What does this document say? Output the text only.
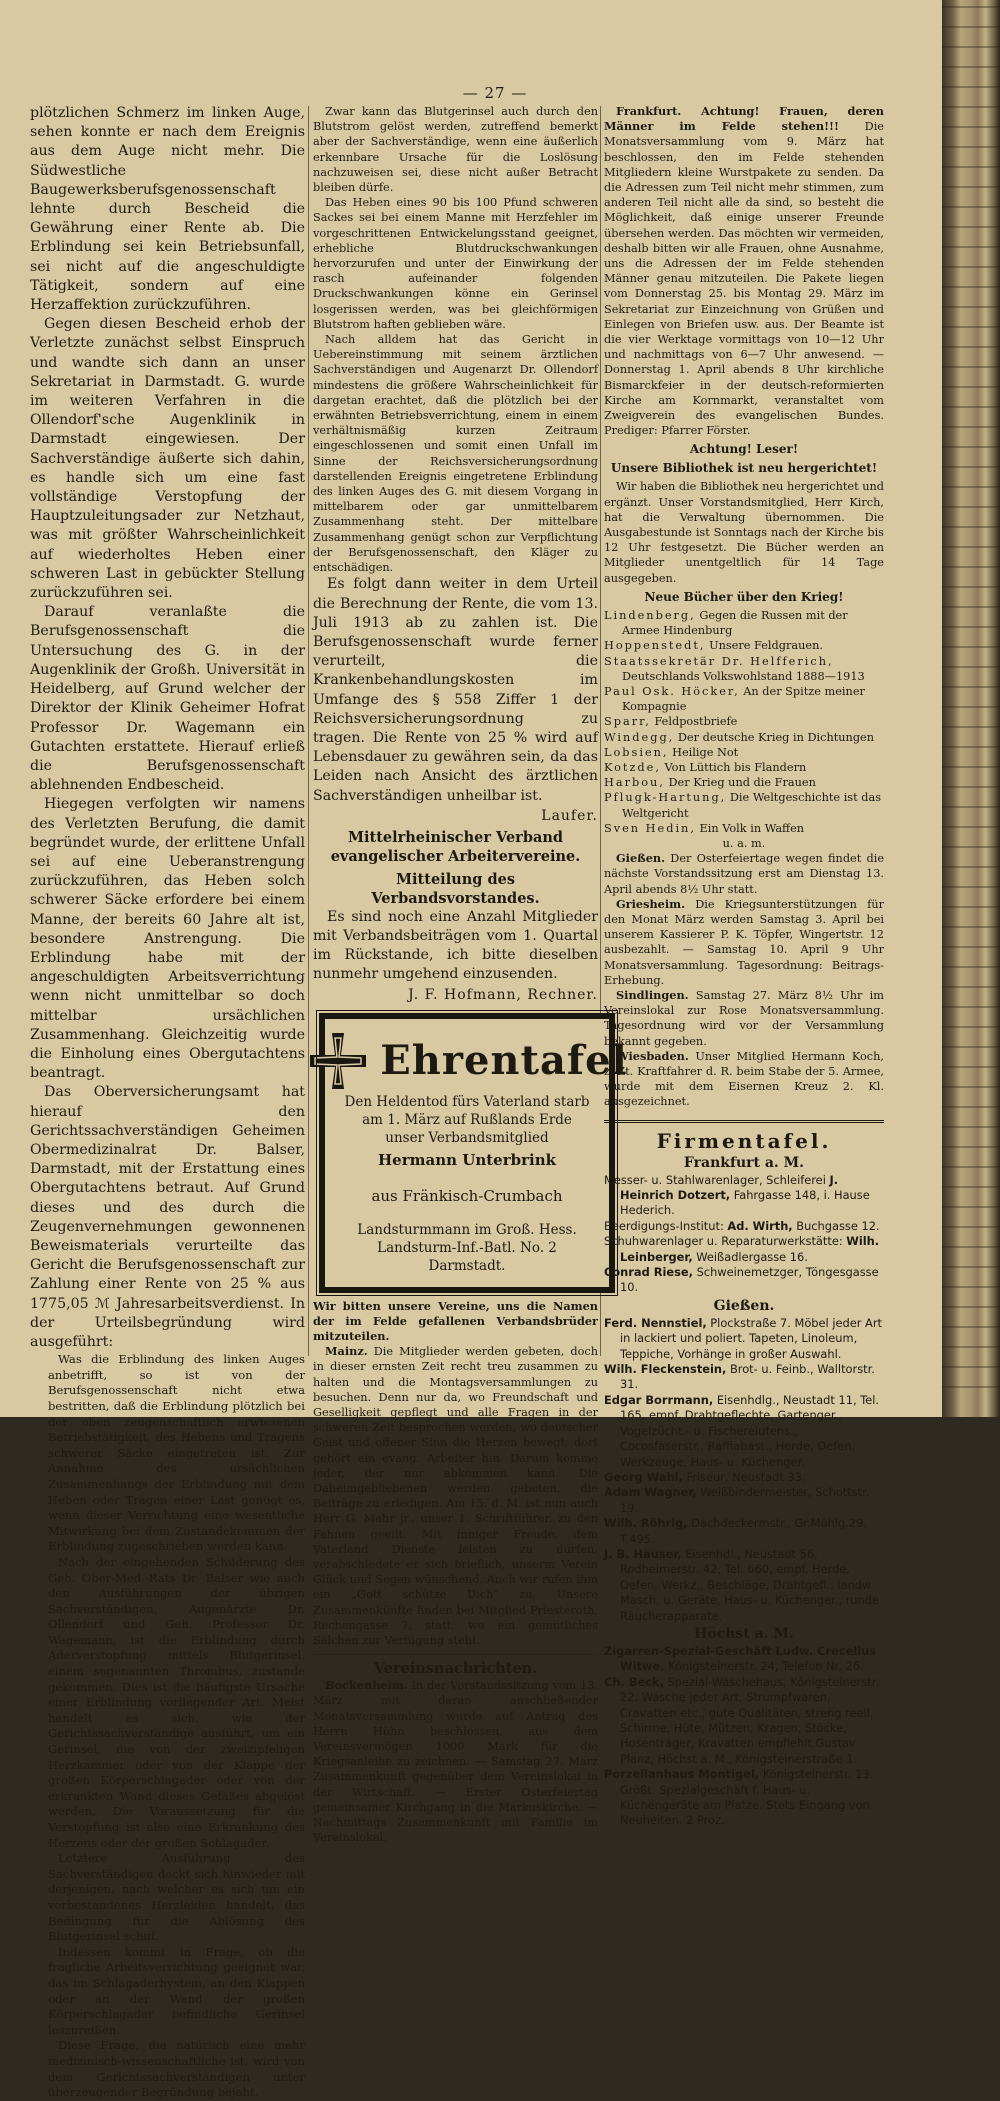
— 27 —

plötzlichen Schmerz im linken Auge, sehen konnte er nach dem Ereignis aus dem Auge nicht mehr. Die Südwestliche Baugewerksberufsgenossenschaft lehnte durch Bescheid die Gewährung einer Rente ab. Die Erblindung sei kein Betriebsunfall, sei nicht auf die angeschuldigte Tätigkeit, sondern auf eine Herzaffektion zurückzuführen.

Gegen diesen Bescheid erhob der Verletzte zunächst selbst Einspruch und wandte sich dann an unser Sekretariat in Darmstadt. G. wurde im weiteren Verfahren in die Ollendorf'sche Augenklinik in Darmstadt eingewiesen. Der Sachverständige äußerte sich dahin, es handle sich um eine fast vollständige Verstopfung der Hauptzuleitungsader zur Netzhaut, was mit größter Wahrscheinlichkeit auf wiederholtes Heben einer schweren Last in gebückter Stellung zurückzuführen sei.

Darauf veranlaßte die Berufsgenossenschaft die Untersuchung des G. in der Augenklinik der Großh. Universität in Heidelberg, auf Grund welcher der Direktor der Klinik Geheimer Hofrat Professor Dr. Wagemann ein Gutachten erstattete. Hierauf erließ die Berufsgenossenschaft ablehnenden Endbescheid.

Hiegegen verfolgten wir namens des Verletzten Berufung, die damit begründet wurde, der erlittene Unfall sei auf eine Ueberanstrengung zurückzuführen, das Heben solch schwerer Säcke erfordere bei einem Manne, der bereits 60 Jahre alt ist, besondere Anstrengung. Die Erblindung habe mit der angeschuldigten Arbeitsverrichtung wenn nicht unmittelbar so doch mittelbar ursächlichen Zusammenhang. Gleichzeitig wurde die Einholung eines Obergutachtens beantragt.

Das Oberversicherungsamt hat hierauf den Gerichtssachverständigen Geheimen Obermedizinalrat Dr. Balser, Darmstadt, mit der Erstattung eines Obergutachtens betraut. Auf Grund dieses und des durch die Zeugenvernehmungen gewonnenen Beweismaterials verurteilte das Gericht die Berufsgenossenschaft zur Zahlung einer Rente von 25 % aus 1775,05 ℳ Jahresarbeitsverdienst. In der Urteilsbegründung wird ausgeführt:

Was die Erblindung des linken Auges anbetrifft, so ist von der Berufsgenossenschaft nicht etwa bestritten, daß die Erblindung plötzlich bei der oben zeugenschaftlich erwiesenen Betriebstätigkeit, des Hebens und Tragens schwerer Säcke eingetreten ist. Zur Annahme des ursächlichen Zusammenhangs der Erblindung mit dem Heben oder Tragen einer Last genügt es, wenn dieser Verrichtung eine wesentliche Mitwirkung bei dem Zustandekommen der Erblindung zugeschrieben werden kann.

Nach der eingehenden Schilderung des Geh. Ober-Med.-Rats Dr. Balser wie auch den Ausführungen der übrigen Sachverständigen, Augenärzte Dr. Ollendorf und Geh. Professor Dr. Wagemann, ist die Erblindung durch Aderverstopfung mittels Blutgerinsel, einem sogenannten Thrombus, zustande gekommen. Dies ist die häufigste Ursache einer Erblindung vorliegender Art. Meist handelt es sich, wie der Gerichtssachverständige ausführt, um ein Gerinsel, die von der zweizipfeligen Herzkammer oder von der Klappe der großen Körperschlagader oder von der erkrankten Wand dieses Gefäßes abgelöst werden. Die Voraussetzung für die Verstopfung ist also eine Erkrankung des Herzens oder der großen Schlagader.

Letztere Ausführung des Sachverständigen deckt sich hinwieder mit derjenigen, nach welcher es sich um ein vorbestandenes Herzleiden handelt, das Bedingung für die Ablösung des Blutgerinsel schuf.

Indessen kommt in Frage, ob die fragliche Arbeitsverrichtung geeignet war, das im Schlagaderhystem, an den Klappen oder an der Wand der großen Körperschlagader befindliche Gerinsel loszureißen.

Diese Frage, die natürlich eine mehr medizinisch-wissenschaftliche ist, wird von dem Gerichtssachverständigen unter überzeugender Begründung bejaht.

Zwar kann das Blutgerinsel auch durch den Blutstrom gelöst werden, zutreffend bemerkt aber der Sachverständige, wenn eine äußerlich erkennbare Ursache für die Loslösung nachzuweisen sei, diese nicht außer Betracht bleiben dürfe.

Das Heben eines 90 bis 100 Pfund schweren Sackes sei bei einem Manne mit Herzfehler im vorgeschrittenen Entwickelungsstand geeignet, erhebliche Blutdruckschwankungen hervorzurufen und unter der Einwirkung der rasch aufeinander folgenden Druckschwankungen könne ein Gerinsel losgerissen werden, was bei gleichförmigen Blutstrom haften geblieben wäre.

Nach alldem hat das Gericht in Uebereinstimmung mit seinem ärztlichen Sachverständigen und Augenarzt Dr. Ollendorf mindestens die größere Wahrscheinlichkeit für dargetan erachtet, daß die plötzlich bei der erwähnten Betriebsverrichtung, einem in einem verhältnismäßig kurzen Zeitraum eingeschlossenen und somit einen Unfall im Sinne der Reichsversicherungsordnung darstellenden Ereignis eingetretene Erblindung des linken Auges des G. mit diesem Vorgang in mittelbarem oder gar unmittelbarem Zusammenhang steht. Der mittelbare Zusammenhang genügt schon zur Verpflichtung der Berufsgenossenschaft, den Kläger zu entschädigen.

Es folgt dann weiter in dem Urteil die Berechnung der Rente, die vom 13. Juli 1913 ab zu zahlen ist. Die Berufsgenossenschaft wurde ferner verurteilt, die Krankenbehandlungskosten im Umfange des § 558 Ziffer 1 der Reichsversicherungsordnung zu tragen. Die Rente von 25 % wird auf Lebensdauer zu gewähren sein, da das Leiden nach Ansicht des ärztlichen Sachverständigen unheilbar ist.

Laufer.
Mittelrheinischer Verband evangelischer Arbeitervereine.
Mitteilung des Verbandsvorstandes.

Es sind noch eine Anzahl Mitglieder mit Verbandsbeiträgen vom 1. Quartal im Rückstande, ich bitte dieselben nunmehr umgehend einzusenden.

J. F. Hofmann, Rechner.
Ehrentafel

Den Heldentod fürs Vaterland starb

am 1. März auf Rußlands Erde

unser Verbandsmitglied

Hermann Unterbrink

aus Fränkisch-Crumbach

Landsturmmann im Groß. Hess.

Landsturm-Inf.-Batl. No. 2

Darmstadt.

Wir bitten unsere Vereine, uns die Namen der im Felde gefallenen Verbandsbrüder mitzuteilen.

Mainz. Die Mitglieder werden gebeten, doch in dieser ernsten Zeit recht treu zusammen zu halten und die Montagsversammlungen zu besuchen. Denn nur da, wo Freundschaft und Geselligkeit gepflegt und alle Fragen in der schweren Zeit besprochen werden, wo deutscher Geist und offener Sinn die Herzen bewegt, dort gehört ein evang. Arbeiter hin. Darum komme jeder, der nur abkommen kann. Die Daheimgebliebenen werden gebeten, die Beiträge zu erledigen. Am 15. d. M. ist nun auch Herr G. Mahr jr., unser 1. Schriftführer, zu den Fahnen geeilt. Mit inniger Freude, dem Vaterland Dienste leisten zu dürfen, verabschiedete er sich brieflich, unserm Verein Glück und Segen wünschend. Auch wir rufen ihm ein „Gott schütze Dich" zu. Unsere Zusammenkünfte finden bei Mitglied Priesteroth, Rechengasse 7, statt, wo ein gemütliches Sälchen zur Verfügung steht.

Vereinsnachrichten.

Bockenheim. In der Vorstandssitzung vom 13. März mit daran anschließender Monatsversammlung wurde auf Antrag des Herrn Hühn beschlossen, aus dem Vereinsvermögen 1000 Mark für die Kriegsanleihe zu zeichnen. — Samstag 27. März Zusammenkunft gegenüber dem Vereinslokal in der Wirtschaft. — Erster Osterfeiertag gemeinsamer Kirchgang in die Markuskirche. — Nachmittags Zusammenkunft mit Familie im Vereinslokal.

Frankfurt. Achtung! Frauen, deren Männer im Felde stehen!!! Die Monatsversammlung vom 9. März hat beschlossen, den im Felde stehenden Mitgliedern kleine Wurstpakete zu senden. Da die Adressen zum Teil nicht mehr stimmen, zum anderen Teil nicht alle da sind, so besteht die Möglichkeit, daß einige unserer Freunde übersehen werden. Das möchten wir vermeiden, deshalb bitten wir alle Frauen, ohne Ausnahme, uns die Adressen der im Felde stehenden Männer genau mitzuteilen. Die Pakete liegen vom Donnerstag 25. bis Montag 29. März im Sekretariat zur Einzeichnung von Grüßen und Einlegen von Briefen usw. aus. Der Beamte ist die vier Werktage vormittags von 10—12 Uhr und nachmittags von 6—7 Uhr anwesend. — Donnerstag 1. April abends 8 Uhr kirchliche Bismarckfeier in der deutsch-reformierten Kirche am Kornmarkt, veranstaltet vom Zweigverein des evangelischen Bundes. Prediger: Pfarrer Förster.

Achtung! Leser!
Unsere Bibliothek ist neu hergerichtet!

Wir haben die Bibliothek neu hergerichtet und ergänzt. Unser Vorstandsmitglied, Herr Kirch, hat die Verwaltung übernommen. Die Ausgabestunde ist Sonntags nach der Kirche bis 12 Uhr festgesetzt. Die Bücher werden an Mitglieder unentgeltlich für 14 Tage ausgegeben.

Neue Bücher über den Krieg!

Lindenberg, Gegen die Russen mit der Armee Hindenburg

Hoppenstedt, Unsere Feldgrauen.

Staatssekretär Dr. Helfferich, Deutschlands Volkswohlstand 1888—1913

Paul Osk. Höcker, An der Spitze meiner Kompagnie

Sparr, Feldpostbriefe

Windegg, Der deutsche Krieg in Dichtungen

Lobsien, Heilige Not

Kotzde, Von Lüttich bis Flandern

Harbou, Der Krieg und die Frauen

Pflugk-Hartung, Die Weltgeschichte ist das Weltgericht

Sven Hedin, Ein Volk in Waffen

u. a. m.

Gießen. Der Osterfeiertage wegen findet die nächste Vorstandssitzung erst am Dienstag 13. April abends 8½ Uhr statt.

Griesheim. Die Kriegsunterstützungen für den Monat März werden Samstag 3. April bei unserem Kassierer P. K. Töpfer, Wingertstr. 12 ausbezahlt. — Samstag 10. April 9 Uhr Monatsversammlung. Tagesordnung: Beitrags-Erhebung.

Sindlingen. Samstag 27. März 8½ Uhr im Vereinslokal zur Rose Monatsversammlung. Tagesordnung wird vor der Versammlung bekannt gegeben.

Wiesbaden. Unser Mitglied Hermann Koch, z. Zt. Kraftfahrer d. R. beim Stabe der 5. Armee, wurde mit dem Eisernen Kreuz 2. Kl. ausgezeichnet.

Firmentafel.
Frankfurt a. M.

Messer- u. Stahlwarenlager, Schleiferei J. Heinrich Dotzert, Fahrgasse 148, i. Hause Hederich.

Beerdigungs-Institut: Ad. Wirth, Buchgasse 12.

Schuhwarenlager u. Reparaturwerkstätte: Wilh. Leinberger, Weißadlergasse 16.

Conrad Riese, Schweinemetzger, Töngesgasse 10.

Gießen.

Ferd. Nennstiel, Plockstraße 7. Möbel jeder Art in lackiert und poliert. Tapeten, Linoleum, Teppiche, Vorhänge in großer Auswahl.

Wilh. Fleckenstein, Brot- u. Feinb., Walltorstr. 31.

Edgar Borrmann, Eisenhdlg., Neustadt 11, Tel. 165, empf. Drahtgeflechte, Gartenger., Vogelzücht.- u. Fischereiutens., Cocosfaserstr., Raffiabast., Herde, Oefen, Werkzeuge, Haus- u. Küchenger.

Georg Wahl, Friseur, Neustadt 33.

Adam Wagner, Weißbindermeister, Schottstr. 19.

Wilh. Röhrig, Dachdeckermstr., Gr.Mühlg.29. T.495.

J. B. Häuser, Eisenhdl., Neustadt 56, Rodheimerstr. 42, Tel. 660, empf. Herde, Oefen, Werkz., Beschläge, Drahtgefl., landw. Masch. u. Geräte, Haus- u. Küchenger., runde Räucherapparate.

Höchst a. M.

Zigarren-Spezial-Geschäft Ludw. Crecelius Witwe, Königsteinerstr. 24, Telefon Nr. 26.

Ch. Beck, Spezial-Wäschehaus, Königsteinerstr. 22. Wäsche jeder Art, Strumpfwaren, Cravatten etc., gute Qualitäten, streng reell. Schirme, Hüte, Mützen, Kragen, Stöcke, Hosenträger, Kravatten empfiehlt Gustav Planz, Höchst a. M., Königsteinerstraße 1.

Porzellanhaus Montigel, Königsteinerstr. 13. Größt. Spezialgeschäft f. Haus- u. Küchengeräte am Platze. Stets Eingang von Neuheiten. 2 Proz.
